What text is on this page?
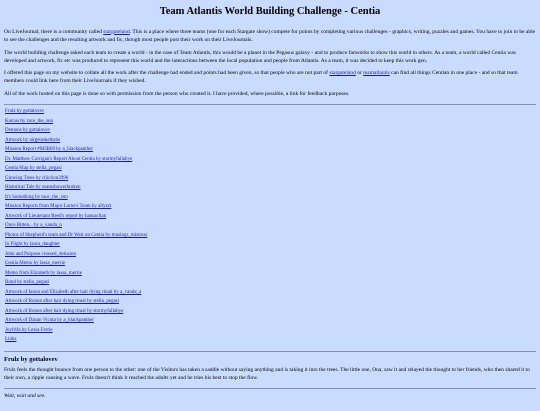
Team Atlantis World Building Challenge - Centia

On LiveJournal, there is a community called stargateland. This is a place where three teams (one for each Stargate show) compete for points by completing various challenges - graphics, writing, puzzles and games. You have to join to be able to see the challenges and the resulting artwork and fic, though most people post their work on their LiveJournals.

The world building challenge asked each team to create a world - in the case of Team Atlantis, this would be a planet in the Pegasus galaxy - and to produce fanworks to show this world to others. As a team, a world called Centia was developed and artwork, fic etc was produced to represent this world and the interactions between the local population and people from Atlantis. As a team, it was decided to keep this work gen.

I offered this page on my website to collate all the work after the challenge had ended and points had been given, so that people who are not part of stargateland or teamatlantis can find all things Centian in one place - and so that team members could link here from their LiveJournals if they wished.

All of the work hosted on this page is done so with permission from the person who created it. I have provided, where possible, a link for feedback purposes.

Frulz by gottalovev
Karcos by race_the_sun
Demons by gottalovev
Artwork by airgetaskethstis
Mission Report #M3B69 by a_blackpanther
Dr. Matthew Corrigan's Report About Centia by stormyfallabye
Centia Map by stella_pegasi
Glowing Trees by chiclion2996
Historical Tale by seamshowerbroken
It's Something by race_the_sun
Mission Reports from Major Lorne's Team by allyzzt
Artwork of Lieutenant Reed's report by hansaclian
Once Bitten... by a_vanda_n
Photos of Shepherd's team and Dr Weir on Centia by musings_mistress
In Flight by laura_daughter
John and Purpose crossed_delusion
Centia Memo by lassa_merrie
Memo from Elizabeth by lassa_merrie
Bond by stella_pegasi
Artwork of Ianon and Elizabeth after hair dying ritual by a_vanda_a
Artwork of Ronon after hair dying ritual by stella_pegasi
Artwork of Ronon after hair dying ritual by stormyfallabye
Artwork of Danan Vicuta by a_blackpanther
Joyfrifa by Lessa Ferrie
Links
Frulz by gottalovev

Frulz feels the thought bounce from one person to the other: one of the Visitors has taken a saddle without saying anything and is taking it into the trees. The little one, Ona, saw it and relayed the thought to her friends, who then shared it to their own, a ripple causing a wave. Frulz doesn't think it reached the adults yet and he tries his best to stop the flow.

Wait, wait and see.
